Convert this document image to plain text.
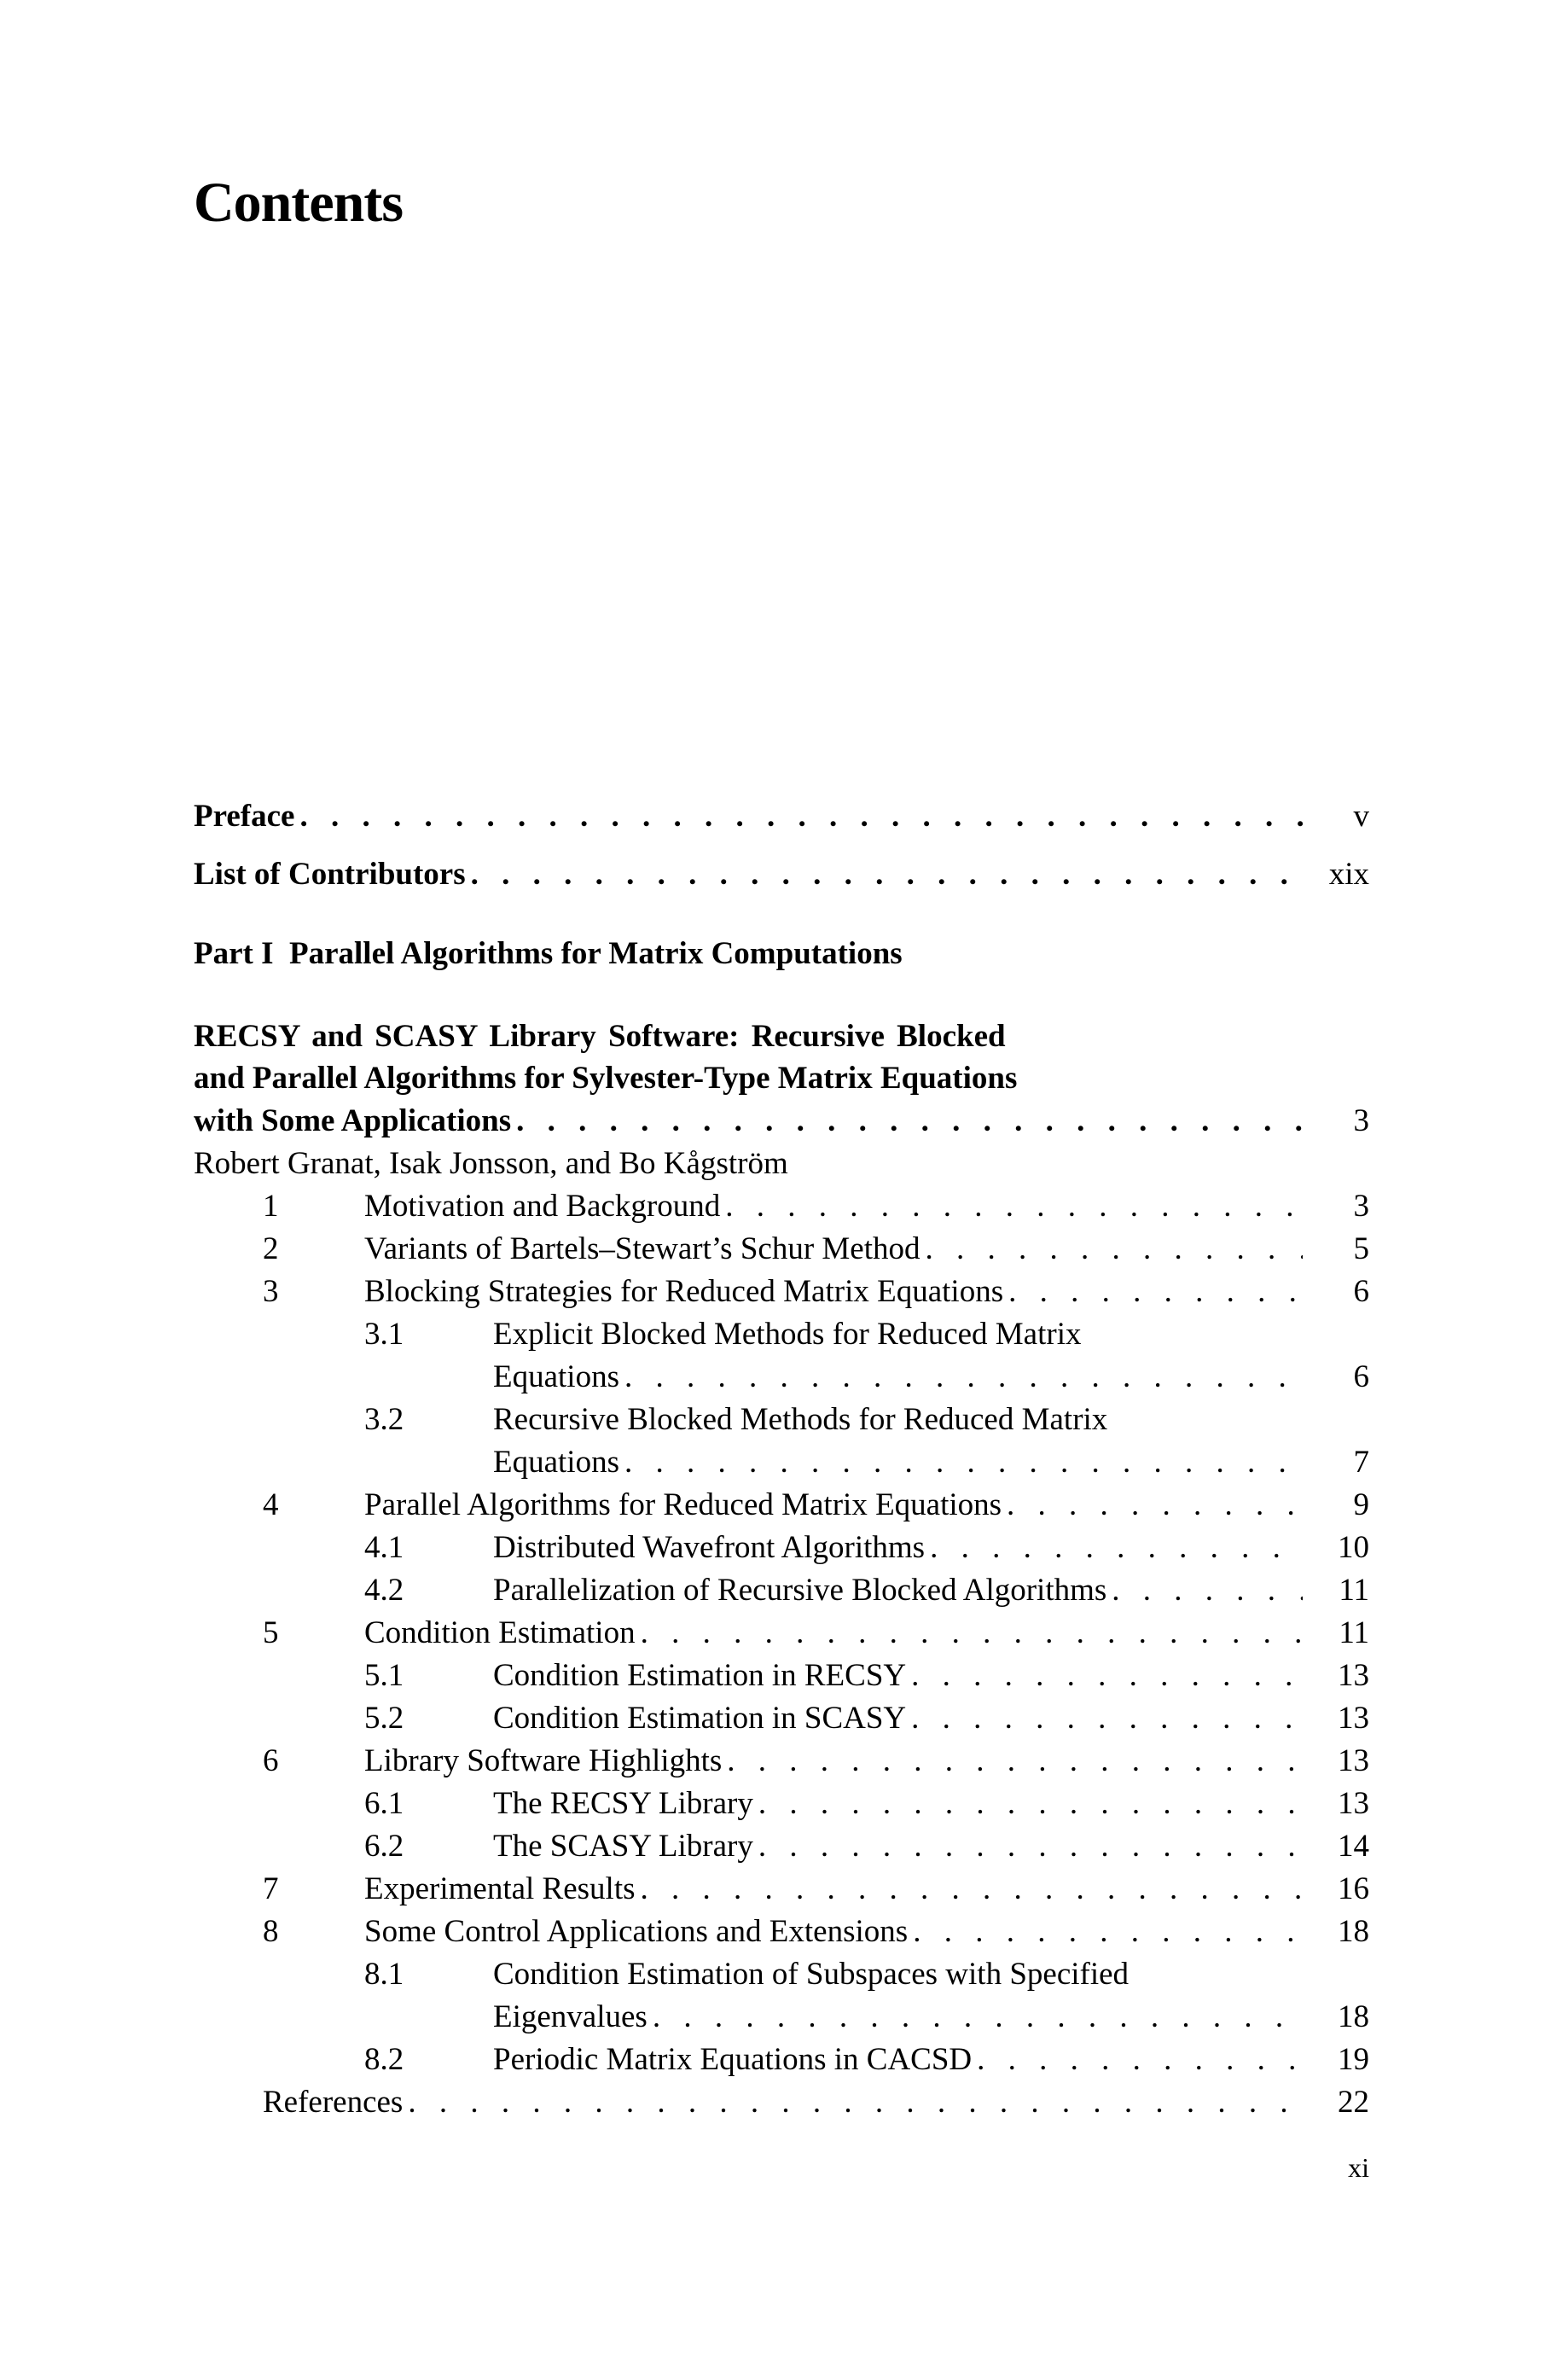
Contents
Preface . . .	v
List of Contributors . . .	xix
Part I Parallel Algorithms for Matrix Computations
RECSY and SCASY Library Software: Recursive Blocked
and Parallel Algorithms for Sylvester-Type Matrix Equations
with Some Applications . . .	3
Robert Granat, Isak Jonsson, and Bo Kågström
1	Motivation and Background . . .	3
2	Variants of Bartels–Stewart’s Schur Method . . .	5
3	Blocking Strategies for Reduced Matrix Equations . . .	6
3.1	Explicit Blocked Methods for Reduced Matrix
Equations . . .	6
3.2	Recursive Blocked Methods for Reduced Matrix
Equations . . .	7
4	Parallel Algorithms for Reduced Matrix Equations . . .	9
4.1	Distributed Wavefront Algorithms . . .	10
4.2	Parallelization of Recursive Blocked Algorithms . . .	11
5	Condition Estimation . . .	11
5.1	Condition Estimation in RECSY . . .	13
5.2	Condition Estimation in SCASY . . .	13
6	Library Software Highlights . . .	13
6.1	The RECSY Library . . .	13
6.2	The SCASY Library . . .	14
7	Experimental Results . . .	16
8	Some Control Applications and Extensions . . .	18
8.1	Condition Estimation of Subspaces with Specified
Eigenvalues . . .	18
8.2	Periodic Matrix Equations in CACSD . . .	19
References . . .	22
xi
